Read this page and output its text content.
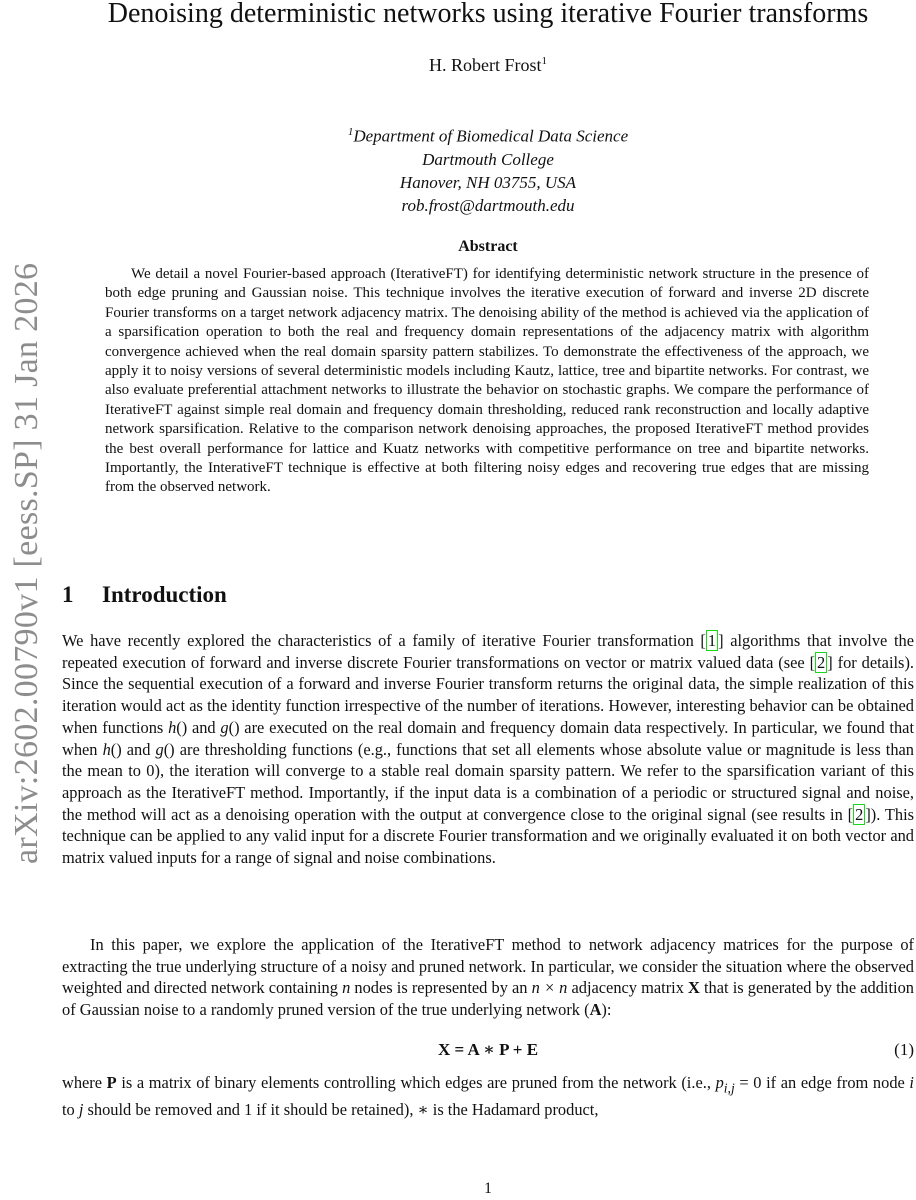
arXiv:2602.00790v1 [eess.SP] 31 Jan 2026
Denoising deterministic networks using iterative Fourier transforms
H. Robert Frost$^1$
$^1$Department of Biomedical Data Science
Dartmouth College
Hanover, NH 03755, USA
rob.frost@dartmouth.edu
Abstract

We detail a novel Fourier-based approach (IterativeFT) for identifying deterministic network structure in the presence of both edge pruning and Gaussian noise. This technique involves the iterative execution of forward and inverse 2D discrete Fourier transforms on a target network adjacency matrix. The denoising ability of the method is achieved via the application of a sparsification operation to both the real and frequency domain representations of the adjacency matrix with algorithm convergence achieved when the real domain sparsity pattern stabilizes. To demonstrate the effectiveness of the approach, we apply it to noisy versions of several deterministic models including Kautz, lattice, tree and bipartite networks. For contrast, we also evaluate preferential attachment networks to illustrate the behavior on stochastic graphs. We compare the performance of IterativeFT against simple real domain and frequency domain thresholding, reduced rank reconstruction and locally adaptive network sparsification. Relative to the comparison network denoising approaches, the proposed IterativeFT method provides the best overall performance for lattice and Kuatz networks with competitive performance on tree and bipartite networks. Importantly, the InterativeFT technique is effective at both filtering noisy edges and recovering true edges that are missing from the observed network.

1 Introduction

We have recently explored the characteristics of a family of iterative Fourier transformation [ 1 ] algorithms that involve the repeated execution of forward and inverse discrete Fourier transformations on vector or matrix valued data (see [ 2 ] for details). Since the sequential execution of a forward and inverse Fourier transform returns the original data, the simple realization of this iteration would act as the identity function irrespective of the number of iterations. However, interesting behavior can be obtained when functions h() and g() are executed on the real domain and frequency domain data respectively. In particular, we found that when h() and g() are thresholding functions (e.g., functions that set all elements whose absolute value or magnitude is less than the mean to 0), the iteration will converge to a stable real domain sparsity pattern. We refer to the sparsification variant of this approach as the IterativeFT method. Importantly, if the input data is a combination of a periodic or structured signal and noise, the method will act as a denoising operation with the output at convergence close to the original signal (see results in [ 2 ]). This technique can be applied to any valid input for a discrete Fourier transformation and we originally evaluated it on both vector and matrix valued inputs for a range of signal and noise combinations.

In this paper, we explore the application of the IterativeFT method to network adjacency matrices for the purpose of extracting the true underlying structure of a noisy and pruned network. In particular, we consider the situation where the observed weighted and directed network containing n nodes is represented by an n × n adjacency matrix X that is generated by the addition of Gaussian noise to a randomly pruned version of the true underlying network (A):

X = A ∗ P + E	(1)

where P is a matrix of binary elements controlling which edges are pruned from the network (i.e., $p_{i,j} = 0$ if an edge from node i to j should be removed and 1 if it should be retained), ∗ is the Hadamard product,

1
